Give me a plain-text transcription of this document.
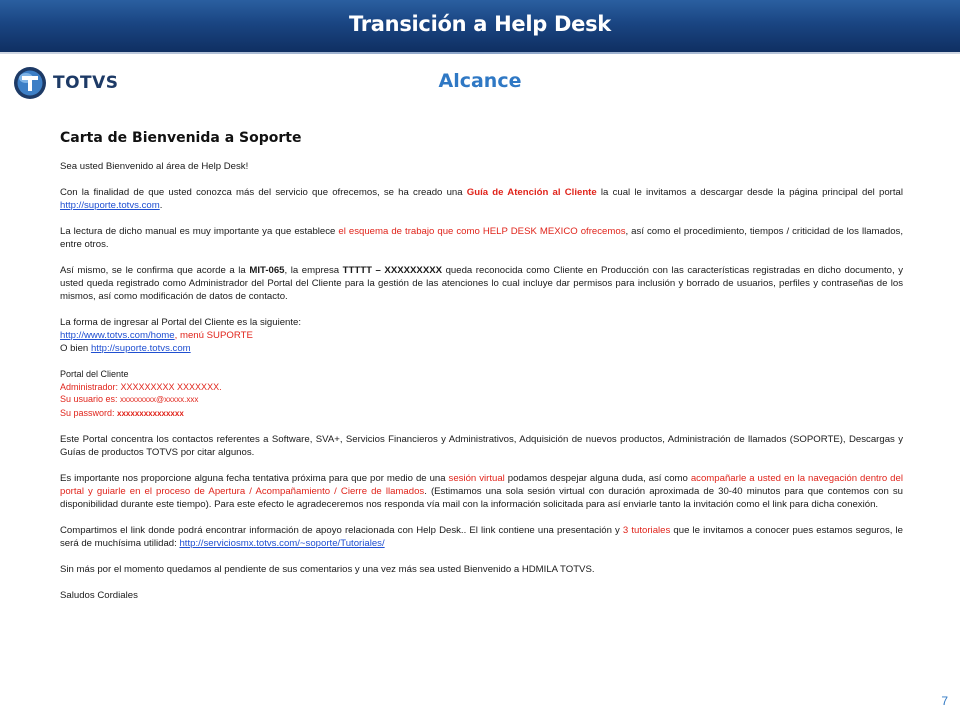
Transición a Help Desk
TOTVS	Alcance
Carta de Bienvenida a Soporte

Sea usted Bienvenido al área de Help Desk!

Con la finalidad de que usted conozca más del servicio que ofrecemos, se ha creado una Guía de Atención al Cliente la cual le invitamos a descargar desde la página principal del portal http://suporte.totvs.com.

La lectura de dicho manual es muy importante ya que establece el esquema de trabajo que como HELP DESK MEXICO ofrecemos, así como el procedimiento, tiempos / criticidad de los llamados, entre otros.

Así mismo, se le confirma que acorde a la MIT-065, la empresa TTTTT – XXXXXXXXX queda reconocida como Cliente en Producción con las características registradas en dicho documento, y usted queda registrado como Administrador del Portal del Cliente para la gestión de las atenciones lo cual incluye dar permisos para inclusión y borrado de usuarios, perfiles y contraseñas de los mismos, así como modificación de datos de contacto.

La forma de ingresar al Portal del Cliente es la siguiente:
http://www.totvs.com/home, menú SUPORTE
O bien http://suporte.totvs.com

Portal del Cliente
Administrador: XXXXXXXXX XXXXXXX.
Su usuario es: xxxxxxxxx@xxxxx.xxx
Su password: xxxxxxxxxxxxxxx

Este Portal concentra los contactos referentes a Software, SVA+, Servicios Financieros y Administrativos, Adquisición de nuevos productos, Administración de llamados (SOPORTE), Descargas y Guías de productos TOTVS por citar algunos.

Es importante nos proporcione alguna fecha tentativa próxima para que por medio de una sesión virtual podamos despejar alguna duda, así como acompañarle a usted en la navegación dentro del portal y guiarle en el proceso de Apertura / Acompañamiento / Cierre de llamados. (Estimamos una sola sesión virtual con duración aproximada de 30-40 minutos para que contemos con su disponibilidad durante este tiempo). Para este efecto le agradeceremos nos responda vía mail con la información solicitada para así enviarle tanto la invitación como el link para dicha conexión.

Compartimos el link donde podrá encontrar información de apoyo relacionada con Help Desk.. El link contiene una presentación y 3 tutoriales que le invitamos a conocer pues estamos seguros, le será de muchísima utilidad: http://serviciosmx.totvs.com/~soporte/Tutoriales/

Sin más por el momento quedamos al pendiente de sus comentarios y una vez más sea usted Bienvenido a HDMILA TOTVS.

Saludos Cordiales

7
